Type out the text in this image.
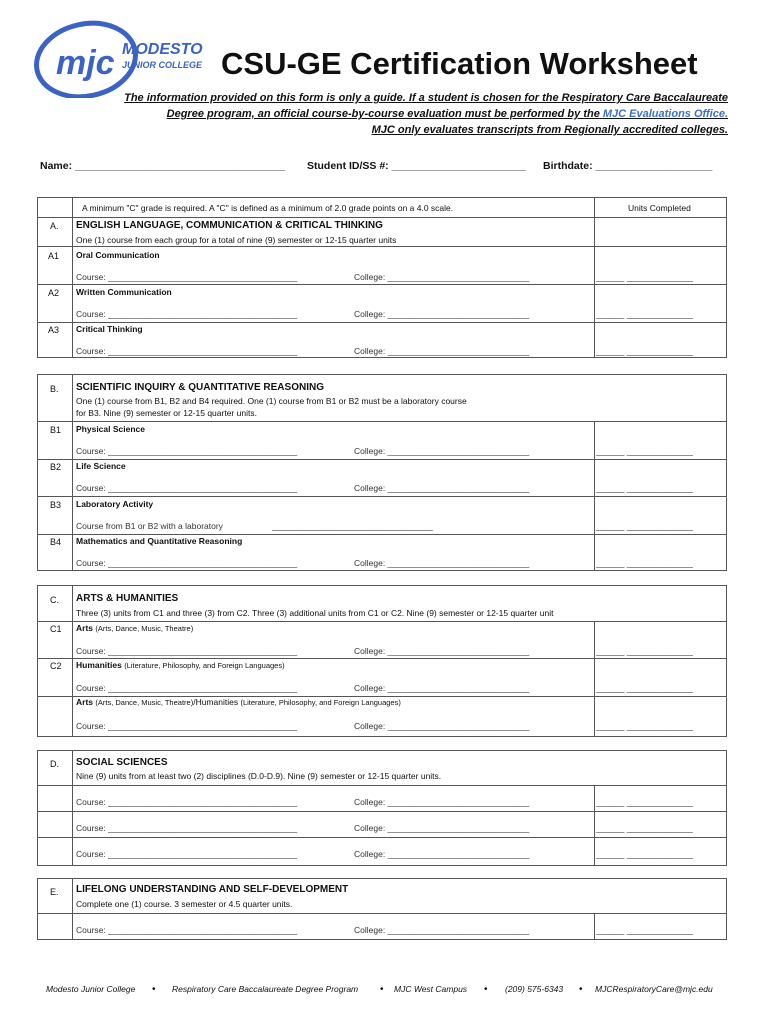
mjc MODESTO
JUNIOR COLLEGE CSU-GE Certification Worksheet
The information provided on this form is only a guide. If a student is chosen for the Respiratory Care Baccalaureate
Degree program, an official course-by-course evaluation must be performed by the MJC Evaluations Office.
MJC only evaluates transcripts from Regionally accredited colleges.
Name: ____________________________________ Student ID/SS #: _______________________ Birthdate: ____________________
A minimum "C" grade is required. A "C" is defined as a minimum of 2.0 grade points on a 4.0 scale.	Units Completed
A. ENGLISH LANGUAGE, COMMUNICATION & CRITICAL THINKING
One (1) course from each group for a total of nine (9) semester or 12-15 quarter units
A1 Oral Communication
Course: ________________________________________	College: ______________________________	______ ______________
A2 Written Communication
Course: ________________________________________	College: ______________________________	______ ______________
A3 Critical Thinking
Course: ________________________________________	College: ______________________________	______ ______________
B. SCIENTIFIC INQUIRY & QUANTITATIVE REASONING
One (1) course from B1, B2 and B4 required. One (1) course from B1 or B2 must be a laboratory course
for B3. Nine (9) semester or 12-15 quarter units.
B1 Physical Science
Course: ________________________________________	College: ______________________________	______ ______________
B2 Life Science
Course: ________________________________________	College: ______________________________	______ ______________
B3 Laboratory Activity
Course from B1 or B2 with a laboratory	__________________________________	______ ______________
B4 Mathematics and Quantitative Reasoning
Course: ________________________________________	College: ______________________________	______ ______________
C. ARTS & HUMANITIES
Three (3) units from C1 and three (3) from C2. Three (3) additional units from C1 or C2. Nine (9) semester or 12-15 quarter unit
C1 Arts (Arts, Dance, Music, Theatre)
Course: ________________________________________	College: ______________________________	______ ______________
C2 Humanities (Literature, Philosophy, and Foreign Languages)
Course: ________________________________________	College: ______________________________	______ ______________
Arts (Arts, Dance, Music, Theatre)/Humanities (Literature, Philosophy, and Foreign Languages)
Course: ________________________________________	College: ______________________________	______ ______________
D. SOCIAL SCIENCES
Nine (9) units from at least two (2) disciplines (D.0-D.9). Nine (9) semester or 12-15 quarter units.
Course: ________________________________________	College: ______________________________	______ ______________
Course: ________________________________________	College: ______________________________	______ ______________
Course: ________________________________________	College: ______________________________	______ ______________
E. LIFELONG UNDERSTANDING AND SELF-DEVELOPMENT
Complete one (1) course. 3 semester or 4.5 quarter units.
Course: ________________________________________	College: ______________________________	______ ______________
Modesto Junior College • Respiratory Care Baccalaureate Degree Program • MJC West Campus • (209) 575-6343 • MJCRespiratoryCare@mjc.edu
